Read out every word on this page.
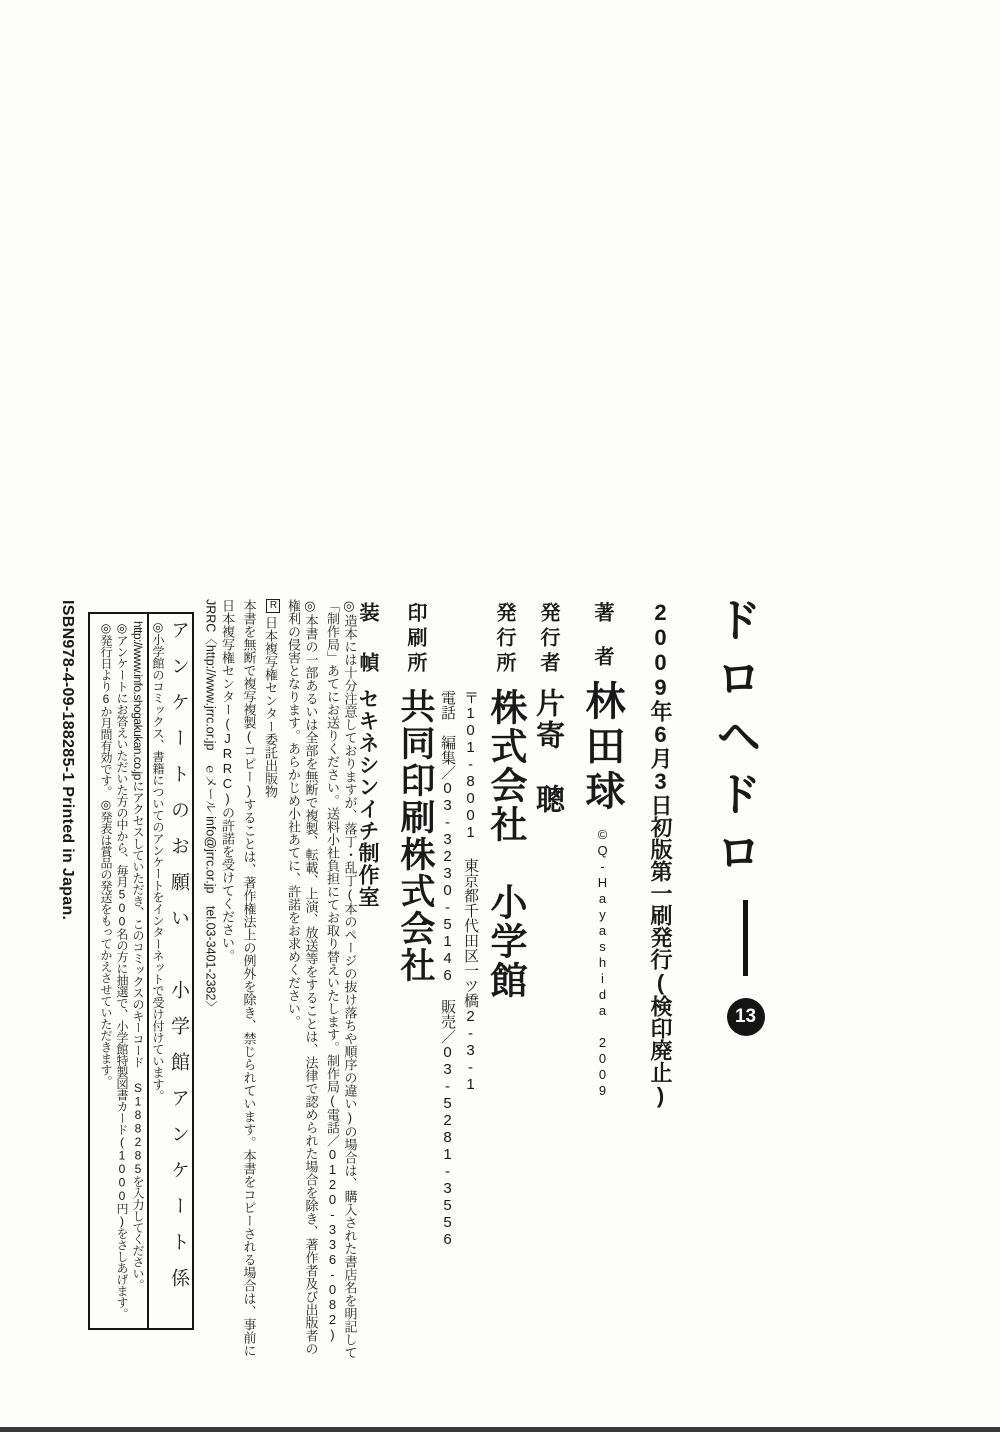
ドロヘドロ13
2009年6月3日初版第一刷発行(検印廃止)
著　者林田球©Q-Hayashida 2009
発行者片寄　聰
発行所株式会社　小学館
〒101-8001 東京都千代田区一ツ橋2-3-1
電話　編集／03-3230-5146　販売／03-5281-3556
印刷所共同印刷株式会社
装　幀セキネシンイチ制作室

◎造本には十分注意しておりますが、落丁・乱丁(本のページの抜け落ちや順序の違い)の場合は、購入された書店名を明記して

「制作局」あてにお送りください。送料小社負担にてお取り替えいたします。制作局(電話／0120-336-082)

◎本書の一部あるいは全部を無断で複製、転載、上演、放送等をすることは、法律で認められた場合を除き、著作者及び出版者の

権利の侵害となります。あらかじめ小社あてに、許諾をお求めください。

R日本複写権センター委託出版物

本書を無断で複写複製(コピー)することは、著作権法上の例外を除き、禁じられています。本書をコピーされる場合は、事前に

日本複写権センター(JRRC)の許諾を受けてください。

JRRC〈http://www.jrrc.or.jp　ｅメール info@jrrc.or.jp　tel.03-3401-2382〉

アンケートのお願い　小学館アンケート係

◎小学館のコミックス、書籍についてのアンケートをインターネットで受け付けています。

http://www.info.shogakukan.co.jpにアクセスしていただき、このコミックスのキーコード S188285を入力してください。

◎アンケートにお答えいただいた方の中から、毎月500名の方に抽選で、小学館特製図書カード(1000円)をさしあげます。

◎発行日より6か月間有効です。◎発表は賞品の発送をもってかえさせていただきます。

ISBN978-4-09-188285-1 Printed in Japan.
